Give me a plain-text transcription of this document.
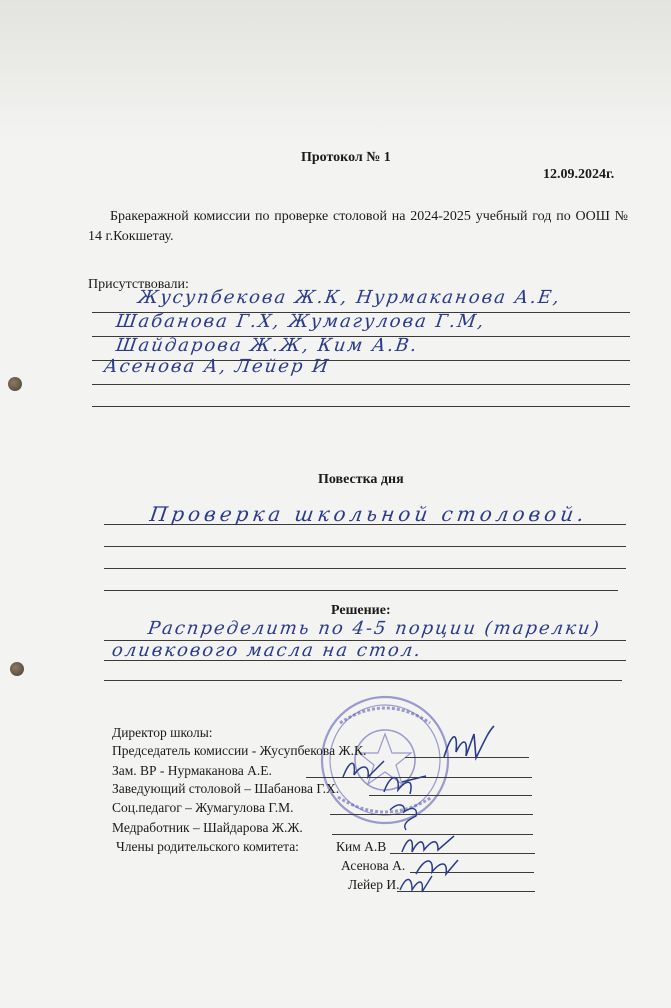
Протокол № 1
12.09.2024г.
Бракеражной комиссии по проверке столовой на 2024-2025 учебный год по ООШ № 14 г.Кокшетау.
Присутствовали:
Жусупбекова Ж.К, Нурмаканова А.Е,
Шабанова Г.Х, Жумагулова Г.М,
Шайдарова Ж.Ж, Ким А.В.
Асенова А, Лейер И
Повестка дня
Проверка школьной столовой.
Решение:
Распределить по 4-5 порции (тарелки)
оливкового масла на стол.
Директор школы:
Председатель комиссии - Жусупбекова Ж.К.
Зам. ВР - Нурмаканова А.Е.
Заведующий столовой – Шабанова Г.Х.
Соц.педагог – Жумагулова Г.М.
Медработник – Шайдарова Ж.Ж.
Члены родительского комитета:	Ким А.В
Асенова А.
Лейер И.
